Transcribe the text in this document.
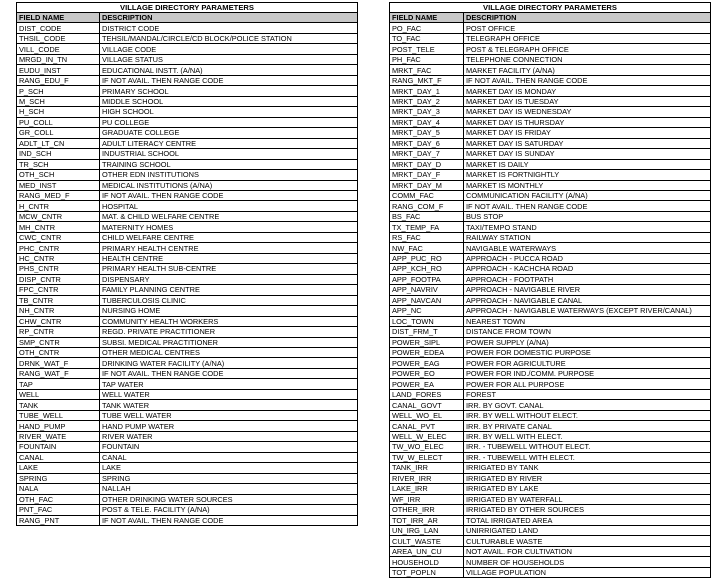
VILLAGE DIRECTORY PARAMETERS	
FIELD NAME	DESCRIPTION
DIST_CODE	DISTRICT CODE
THSIL_CODE	TEHSIL/MANDAL/CIRCLE/CD BLOCK/POLICE STATION
VILL_CODE	VILLAGE CODE
MRGD_IN_TN	VILLAGE STATUS
EUDU_INST	EDUCATIONAL INSTT. (A/NA)
RANG_EDU_F	IF NOT AVAIL. THEN RANGE CODE
P_SCH	PRIMARY SCHOOL
M_SCH	MIDDLE SCHOOL
H_SCH	HIGH SCHOOL
PU_COLL	PU COLLEGE
GR_COLL	GRADUATE COLLEGE
ADLT_LT_CN	ADULT LITERACY CENTRE
IND_SCH	INDUSTRIAL SCHOOL
TR_SCH	TRAINING SCHOOL
OTH_SCH	OTHER EDN INSTITUTIONS
MED_INST	MEDICAL INSTITUTIONS (A/NA)
RANG_MED_F	IF NOT AVAIL. THEN RANGE CODE
H_CNTR	HOSPITAL
MCW_CNTR	MAT. & CHILD WELFARE CENTRE
MH_CNTR	MATERNITY HOMES
CWC_CNTR	CHILD WELFARE CENTRE
PHC_CNTR	PRIMARY HEALTH CENTRE
HC_CNTR	HEALTH CENTRE
PHS_CNTR	PRIMARY HEALTH SUB-CENTRE
DISP_CNTR	DISPENSARY
FPC_CNTR	FAMILY PLANNING CENTRE
TB_CNTR	TUBERCULOSIS CLINIC
NH_CNTR	NURSING HOME
CHW_CNTR	COMMUNITY HEALTH WORKERS
RP_CNTR	REGD. PRIVATE PRACTITIONER
SMP_CNTR	SUBSI. MEDICAL PRACTITIONER
OTH_CNTR	OTHER MEDICAL CENTRES
DRNK_WAT_F	DRINKING WATER FACILITY (A/NA)
RANG_WAT_F	IF NOT AVAIL. THEN RANGE CODE
TAP	TAP WATER
WELL	WELL WATER
TANK	TANK WATER
TUBE_WELL	TUBE WELL WATER
HAND_PUMP	HAND PUMP WATER
RIVER_WATE	RIVER WATER
FOUNTAIN	FOUNTAIN
CANAL	CANAL
LAKE	LAKE
SPRING	SPRING
NALA	NALLAH
OTH_FAC	OTHER DRINKING WATER SOURCES
PNT_FAC	POST & TELE. FACILITY (A/NA)
RANG_PNT	IF NOT AVAIL. THEN RANGE CODE
VILLAGE DIRECTORY PARAMETERS	
FIELD NAME	DESCRIPTION
PO_FAC	POST OFFICE
TO_FAC	TELEGRAPH OFFICE
POST_TELE	POST & TELEGRAPH OFFICE
PH_FAC	TELEPHONE CONNECTION
MRKT_FAC	MARKET FACILITY (A/NA)
RANG_MKT_F	IF NOT AVAIL. THEN RANGE CODE
MRKT_DAY_1	MARKET DAY IS MONDAY
MRKT_DAY_2	MARKET DAY IS TUESDAY
MRKT_DAY_3	MARKET DAY IS WEDNESDAY
MRKT_DAY_4	MARKET DAY IS THURSDAY
MRKT_DAY_5	MARKET DAY IS FRIDAY
MRKT_DAY_6	MARKET DAY IS SATURDAY
MRKT_DAY_7	MARKET DAY IS SUNDAY
MRKT_DAY_D	MARKET IS DAILY
MRKT_DAY_F	MARKET IS FORTNIGHTLY
MRKT_DAY_M	MARKET IS MONTHLY
COMM_FAC	COMMUNICATION FACILITY (A/NA)
RANG_COM_F	IF NOT AVAIL. THEN RANGE CODE
BS_FAC	BUS STOP
TX_TEMP_FA	TAXI/TEMPO STAND
RS_FAC	RAILWAY STATION
NW_FAC	NAVIGABLE WATERWAYS
APP_PUC_RO	APPROACH - PUCCA ROAD
APP_KCH_RO	APPROACH - KACHCHA ROAD
APP_FOOTPA	APPROACH - FOOTPATH
APP_NAVRIV	APPROACH - NAVIGABLE RIVER
APP_NAVCAN	APPROACH - NAVIGABLE CANAL
APP_NC	APPROACH - NAVIGABLE WATERWAYS (EXCEPT RIVER/CANAL)
LOC_TOWN	NEAREST TOWN
DIST_FRM_T	DISTANCE FROM TOWN
POWER_SIPL	POWER SUPPLY (A/NA)
POWER_EDEA	POWER FOR DOMESTIC PURPOSE
POWER_EAG	POWER FOR AGRICULTURE
POWER_EO	POWER FOR IND./COMM. PURPOSE
POWER_EA	POWER FOR ALL PURPOSE
LAND_FORES	FOREST
CANAL_GOVT	IRR. BY GOVT. CANAL
WELL_WO_EL	IRR. BY WELL WITHOUT ELECT.
CANAL_PVT	IRR. BY PRIVATE CANAL
WELL_W_ELEC	IRR. BY WELL WITH ELECT.
TW_WO_ELEC	IRR. - TUBEWELL WITHOUT ELECT.
TW_W_ELECT	IRR. - TUBEWELL WITH ELECT.
TANK_IRR	IRRIGATED BY TANK
RIVER_IRR	IRRIGATED BY RIVER
LAKE_IRR	IRRIGATED BY LAKE
WF_IRR	IRRIGATED BY WATERFALL
OTHER_IRR	IRRIGATED BY OTHER SOURCES
TOT_IRR_AR	TOTAL IRRIGATED AREA
UN_IRG_LAN	UNIRRIGATED LAND
CULT_WASTE	CULTURABLE WASTE
AREA_UN_CU	NOT AVAIL. FOR CULTIVATION
HOUSEHOLD	NUMBER OF HOUSEHOLDS
TOT_POPLN	VILLAGE POPULATION
